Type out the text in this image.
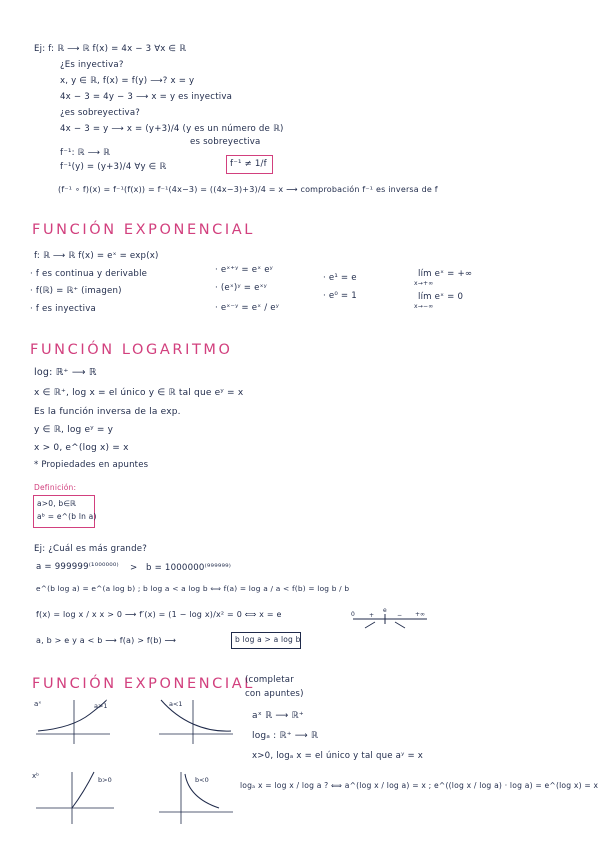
Ej: f: ℝ ⟶ ℝ f(x) = 4x − 3 ∀x ∈ ℝ
¿Es inyectiva?
x, y ∈ ℝ, f(x) = f(y) ⟶? x = y
4x − 3 = 4y − 3 ⟶ x = y es inyectiva
¿es sobreyectiva?
4x − 3 = y ⟶ x = (y+3)/4 (y es un número de ℝ)
es sobreyectiva
f⁻¹: ℝ ⟶ ℝ
f⁻¹(y) = (y+3)/4 ∀y ∈ ℝ	f⁻¹ ≠ 1/f
(f⁻¹ ∘ f)(x) = f⁻¹(f(x)) = f⁻¹(4x−3) = ((4x−3)+3)/4 = x ⟶ comprobación f⁻¹ es inversa de f
FUNCIÓN EXPONENCIAL
f: ℝ ⟶ ℝ f(x) = eˣ = exp(x)
· f es continua y derivable
· f(ℝ) = ℝ⁺ (imagen)
· f es inyectiva
· eˣ⁺ʸ = eˣ eʸ
· (eˣ)ʸ = eˣʸ
· eˣ⁻ʸ = eˣ / eʸ
· e¹ = e
· e⁰ = 1
lím eˣ = +∞
x→+∞
lím eˣ = 0
x→−∞
FUNCIÓN LOGARITMO
log: ℝ⁺ ⟶ ℝ
x ∈ ℝ⁺, log x = el único y ∈ ℝ tal que eʸ = x
Es la función inversa de la exp.
y ∈ ℝ, log eʸ = y
x > 0, e^(log x) = x
* Propiedades en apuntes
Definición:
a>0, b∈ℝ
aᵇ = e^(b ln a)
Ej: ¿Cuál es más grande?
a = 999999⁽¹⁰⁰⁰⁰⁰⁰⁾ > b = 1000000⁽⁹⁹⁹⁹⁹⁹⁾
e^(b log a) = e^(a log b) ; b log a < a log b ⟺ f(a) = log a / a < f(b) = log b / b
f(x) = log x / x x > 0 ⟶ f′(x) = (1 − log x)/x² = 0 ⟺ x = e
a, b > e y a < b ⟶ f(a) > f(b) ⟶	b log a > a log b
0
e
+∞
+	−
FUNCIÓN EXPONENCIAL
aˣ	a>1	a<1
xᵇ	b>0	b<0
(completar
con apuntes)
aˣ ℝ ⟶ ℝ⁺
logₐ : ℝ⁺ ⟶ ℝ
x>0, logₐ x = el único y tal que aʸ = x
logₐ x = log x / log a ? ⟺ a^(log x / log a) = x ; e^((log x / log a) · log a) = e^(log x) = x
